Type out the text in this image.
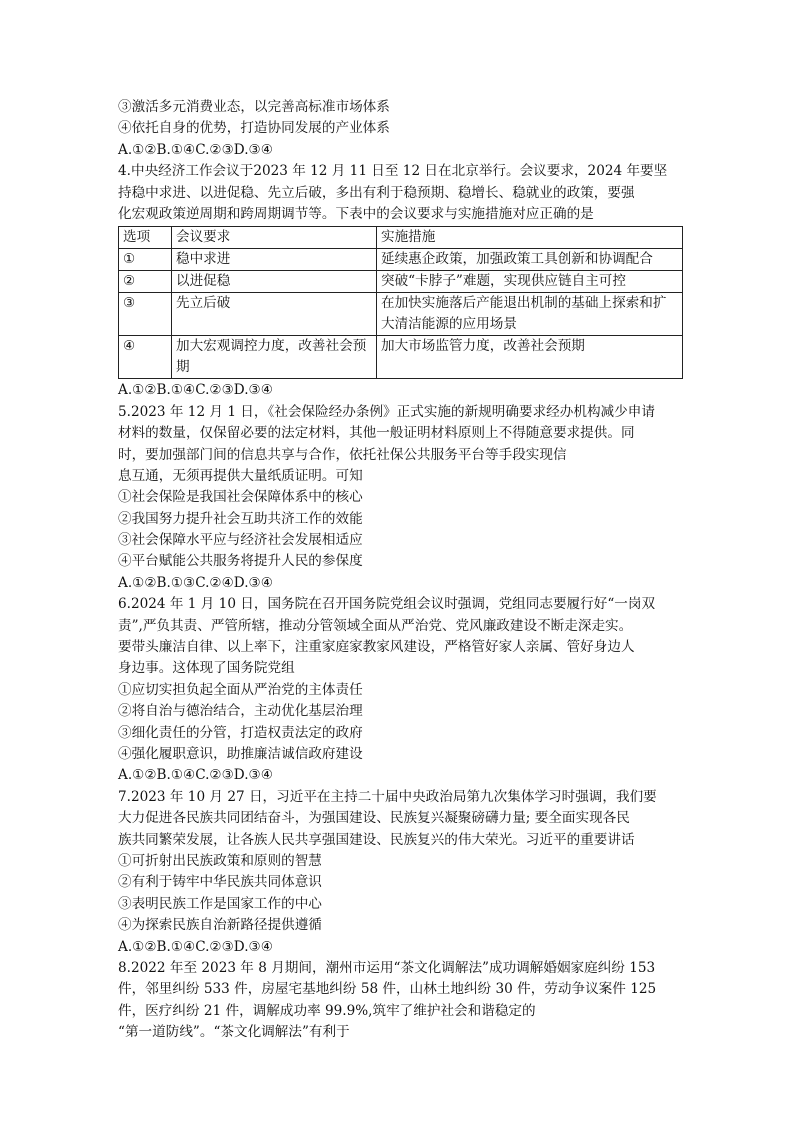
③激活多元消费业态，以完善高标准市场体系
④依托自身的优势，打造协同发展的产业体系
A.①②B.①④C.②③D.③④
4.中央经济工作会议于2023 年 12 月 11 日至 12 日在北京举行。会议要求，2024 年要坚
持稳中求进、以进促稳、先立后破，多出有利于稳预期、稳增长、稳就业的政策，要强
化宏观政策逆周期和跨周期调节等。下表中的会议要求与实施措施对应正确的是
选项	会议要求	实施措施
①	稳中求进	延续惠企政策，加强政策工具创新和协调配合
②	以进促稳	突破“卡脖子”难题，实现供应链自主可控
③	先立后破	在加快实施落后产能退出机制的基础上探索和扩大清洁能源的应用场景
④	加大宏观调控力度，改善社会预期	加大市场监管力度，改善社会预期
A.①②B.①④C.②③D.③④
5.2023 年 12 月 1 日，《社会保险经办条例》正式实施的新规明确要求经办机构减少申请
材料的数量，仅保留必要的法定材料，其他一般证明材料原则上不得随意要求提供。同
时，要加强部门间的信息共享与合作，依托社保公共服务平台等手段实现信
息互通，无须再提供大量纸质证明。可知
①社会保险是我国社会保障体系中的核心
②我国努力提升社会互助共济工作的效能
③社会保障水平应与经济社会发展相适应
④平台赋能公共服务将提升人民的参保度
A.①②B.①③C.②④D.③④
6.2024 年 1 月 10 日，国务院在召开国务院党组会议时强调，党组同志要履行好“一岗双
责”,严负其责、严管所辖，推动分管领域全面从严治党、党风廉政建设不断走深走实。
要带头廉洁自律、以上率下，注重家庭家教家风建设，严格管好家人亲属、管好身边人
身边事。这体现了国务院党组
①应切实担负起全面从严治党的主体责任
②将自治与德治结合，主动优化基层治理
③细化责任的分管，打造权责法定的政府
④强化履职意识，助推廉洁诚信政府建设
A.①②B.①④C.②③D.③④
7.2023 年 10 月 27 日，习近平在主持二十届中央政治局第九次集体学习时强调，我们要
大力促进各民族共同团结奋斗，为强国建设、民族复兴凝聚磅礴力量; 要全面实现各民
族共同繁荣发展，让各族人民共享强国建设、民族复兴的伟大荣光。习近平的重要讲话
①可折射出民族政策和原则的智慧
②有利于铸牢中华民族共同体意识
③表明民族工作是国家工作的中心
④为探索民族自治新路径提供遵循
A.①②B.①④C.②③D.③④
8.2022 年至 2023 年 8 月期间，潮州市运用“茶文化调解法”成功调解婚姻家庭纠纷 153
件，邻里纠纷 533 件，房屋宅基地纠纷 58 件，山林土地纠纷 30 件，劳动争议案件 125
件，医疗纠纷 21 件，调解成功率 99.9%,筑牢了维护社会和谐稳定的
“第一道防线”。“茶文化调解法”有利于
